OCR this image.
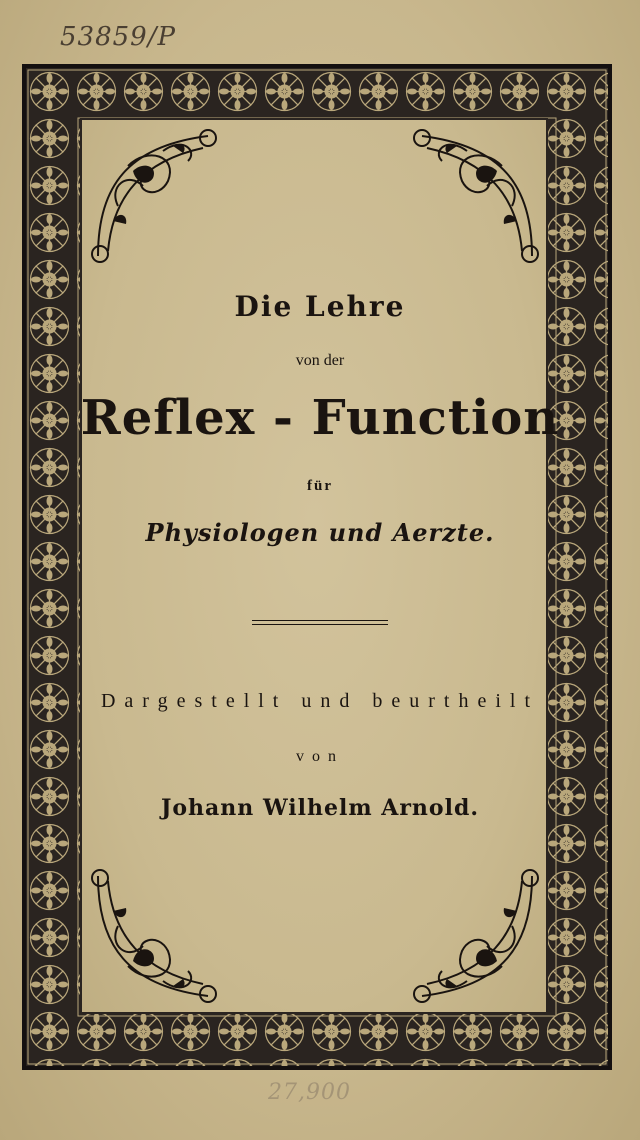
53859/P
Die Lehre
von der
Reflex - Function
für
Physiologen und Aerzte.
Dargestellt und beurtheilt
von
Johann Wilhelm Arnold.
27,900
